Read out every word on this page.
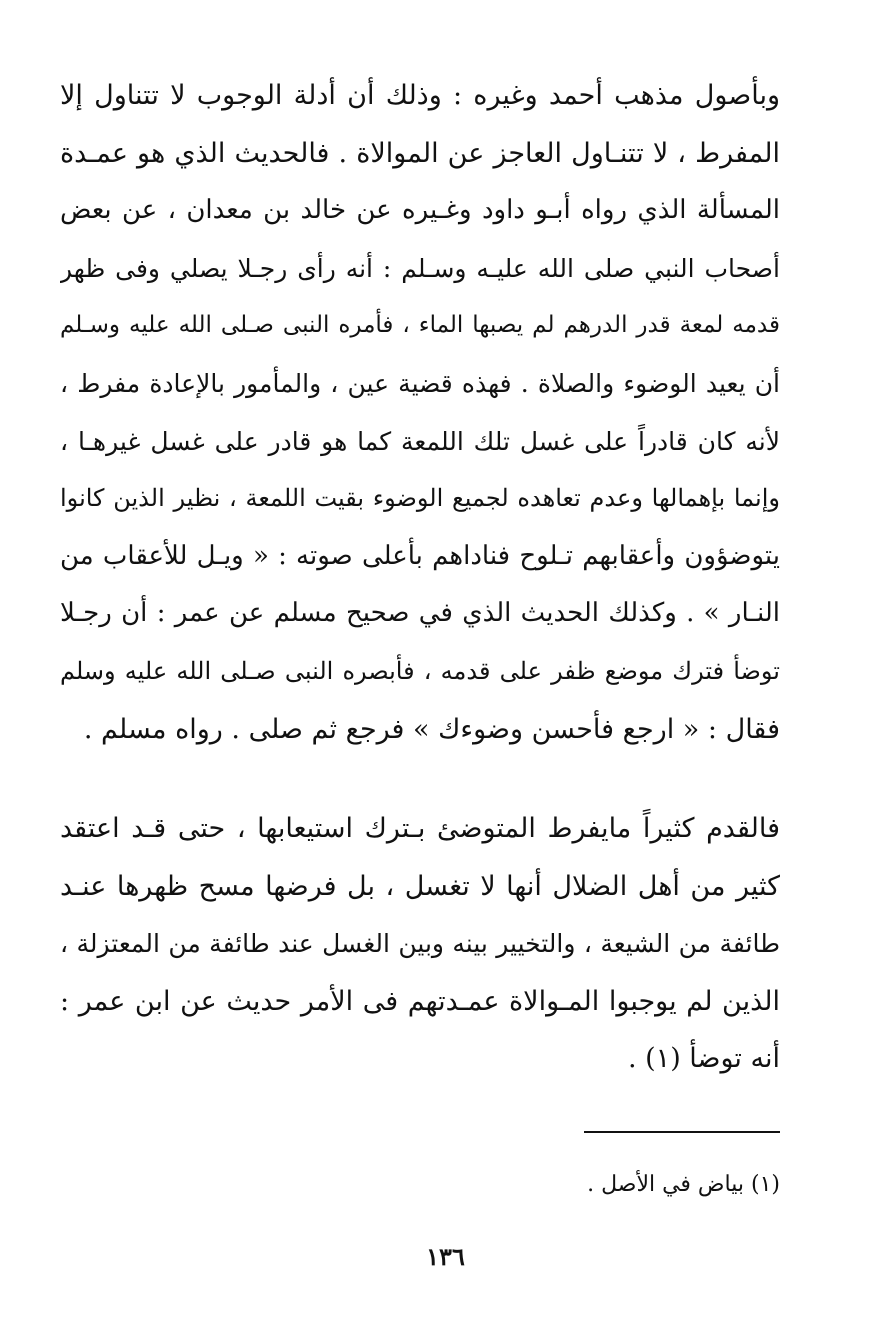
وبأصول مذهب أحمد وغيره : وذلك أن أدلة الوجوب لا تتناول إلا
المفرط ، لا تتنـاول العاجز عن الموالاة . فالحديث الذي هو عمـدة
المسألة الذي رواه أبـو داود وغـيره عن خالد بن معدان ، عن بعض
أصحاب النبي صلى الله عليـه وسـلم : أنه رأى رجـلا يصلي وفى ظهر
قدمه لمعة قدر الدرهم لم يصبها الماء ، فأمره النبى صـلى الله عليه وسـلم
أن يعيد الوضوء والصلاة . فهذه قضية عين ، والمأمور بالإعادة مفرط ،
لأنه كان قادراً على غسل تلك اللمعة كما هو قادر على غسل غيرهـا ،
وإنما بإهمالها وعدم تعاهده لجميع الوضوء بقيت اللمعة ، نظير الذين كانوا
يتوضؤون وأعقابهم تـلوح فناداهم بأعلى صوته : « ويـل للأعقاب من
النـار » . وكذلك الحديث الذي في صحيح مسلم عن عمر : أن رجـلا
توضأ فترك موضع ظفر على قدمه ، فأبصره النبى صـلى الله عليه وسلم
فقال : « ارجع فأحسن وضوءك » فرجع ثم صلى . رواه مسلم .
فالقدم كثيراً مايفرط المتوضئ بـترك استيعابها ، حتى قـد اعتقد
كثير من أهل الضلال أنها لا تغسل ، بل فرضها مسح ظهرها عنـد
طائفة من الشيعة ، والتخيير بينه وبين الغسل عند طائفة من المعتزلة ،
الذين لم يوجبوا المـوالاة عمـدتهم فى الأمر حديث عن ابن عمر :
أنه توضأ (١) .
(١) بياض في الأصل .
١٣٦
